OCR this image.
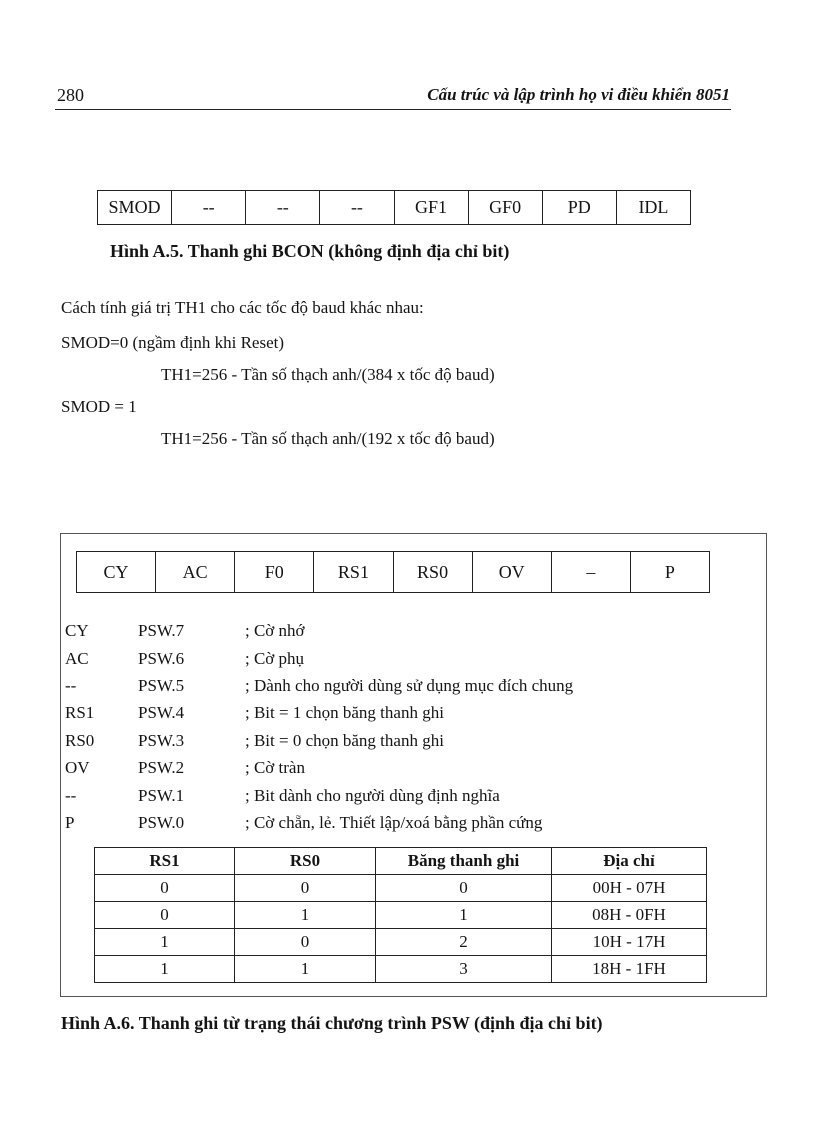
280	Cấu trúc và lập trình họ vi điều khiển 8051
SMOD	--	--	--	GF1	GF0	PD	IDL
Hình A.5. Thanh ghi BCON (không định địa chỉ bit)
Cách tính giá trị TH1 cho các tốc độ baud khác nhau:
SMOD=0 (ngầm định khi Reset)
TH1=256 - Tần số thạch anh/(384 x tốc độ baud)
SMOD = 1
TH1=256 - Tần số thạch anh/(192 x tốc độ baud)
CY	AC	F0	RS1	RS0	OV	–	P
CY	PSW.7	; Cờ nhớ
AC	PSW.6	; Cờ phụ
--	PSW.5	; Dành cho người dùng sử dụng mục đích chung
RS1	PSW.4	; Bit = 1 chọn băng thanh ghi
RS0	PSW.3	; Bit = 0 chọn băng thanh ghi
OV	PSW.2	; Cờ tràn
--	PSW.1	; Bit dành cho người dùng định nghĩa
P	PSW.0	; Cờ chẵn, lẻ. Thiết lập/xoá bằng phần cứng
RS1	RS0	Băng thanh ghi	Địa chỉ
0	0	0	00H - 07H
0	1	1	08H - 0FH
1	0	2	10H - 17H
1	1	3	18H - 1FH
Hình A.6. Thanh ghi từ trạng thái chương trình PSW (định địa chỉ bit)
